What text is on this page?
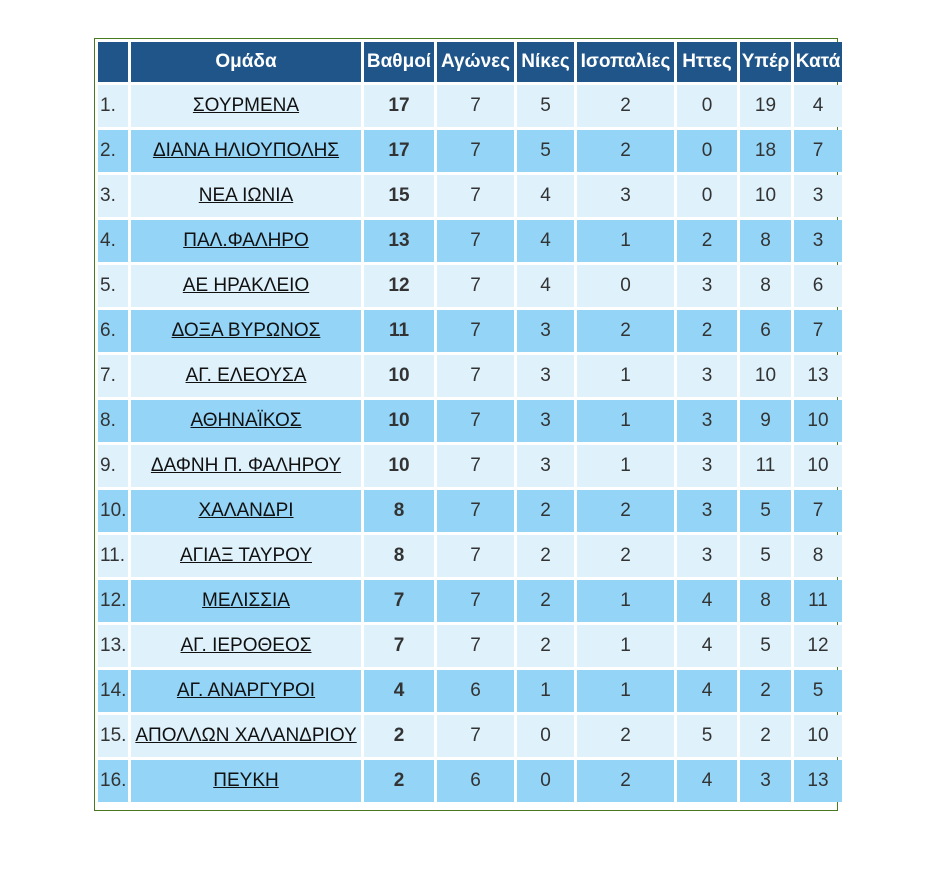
	Ομάδα	Βαθμοί	Αγώνες	Νίκες	Ισοπαλίες	Ηττες	Υπέρ	Κατά
1.	ΣΟΥΡΜΕΝΑ	17	7	5	2	0	19	4
2.	ΔΙΑΝΑ ΗΛΙΟΥΠΟΛΗΣ	17	7	5	2	0	18	7
3.	ΝΕΑ ΙΩΝΙΑ	15	7	4	3	0	10	3
4.	ΠΑΛ.ΦΑΛΗΡΟ	13	7	4	1	2	8	3
5.	ΑΕ ΗΡΑΚΛΕΙΟ	12	7	4	0	3	8	6
6.	ΔΟΞΑ ΒΥΡΩΝΟΣ	11	7	3	2	2	6	7
7.	ΑΓ. ΕΛΕΟΥΣΑ	10	7	3	1	3	10	13
8.	ΑΘΗΝΑΪΚΟΣ	10	7	3	1	3	9	10
9.	ΔΑΦΝΗ Π. ΦΑΛΗΡΟΥ	10	7	3	1	3	11	10
10.	ΧΑΛΑΝΔΡΙ	8	7	2	2	3	5	7
11.	ΑΓΙΑΞ ΤΑΥΡΟΥ	8	7	2	2	3	5	8
12.	ΜΕΛΙΣΣΙΑ	7	7	2	1	4	8	11
13.	ΑΓ. ΙΕΡΟΘΕΟΣ	7	7	2	1	4	5	12
14.	ΑΓ. ΑΝΑΡΓΥΡΟΙ	4	6	1	1	4	2	5
15.	ΑΠΟΛΛΩΝ ΧΑΛΑΝΔΡΙΟΥ	2	7	0	2	5	2	10
16.	ΠΕΥΚΗ	2	6	0	2	4	3	13
